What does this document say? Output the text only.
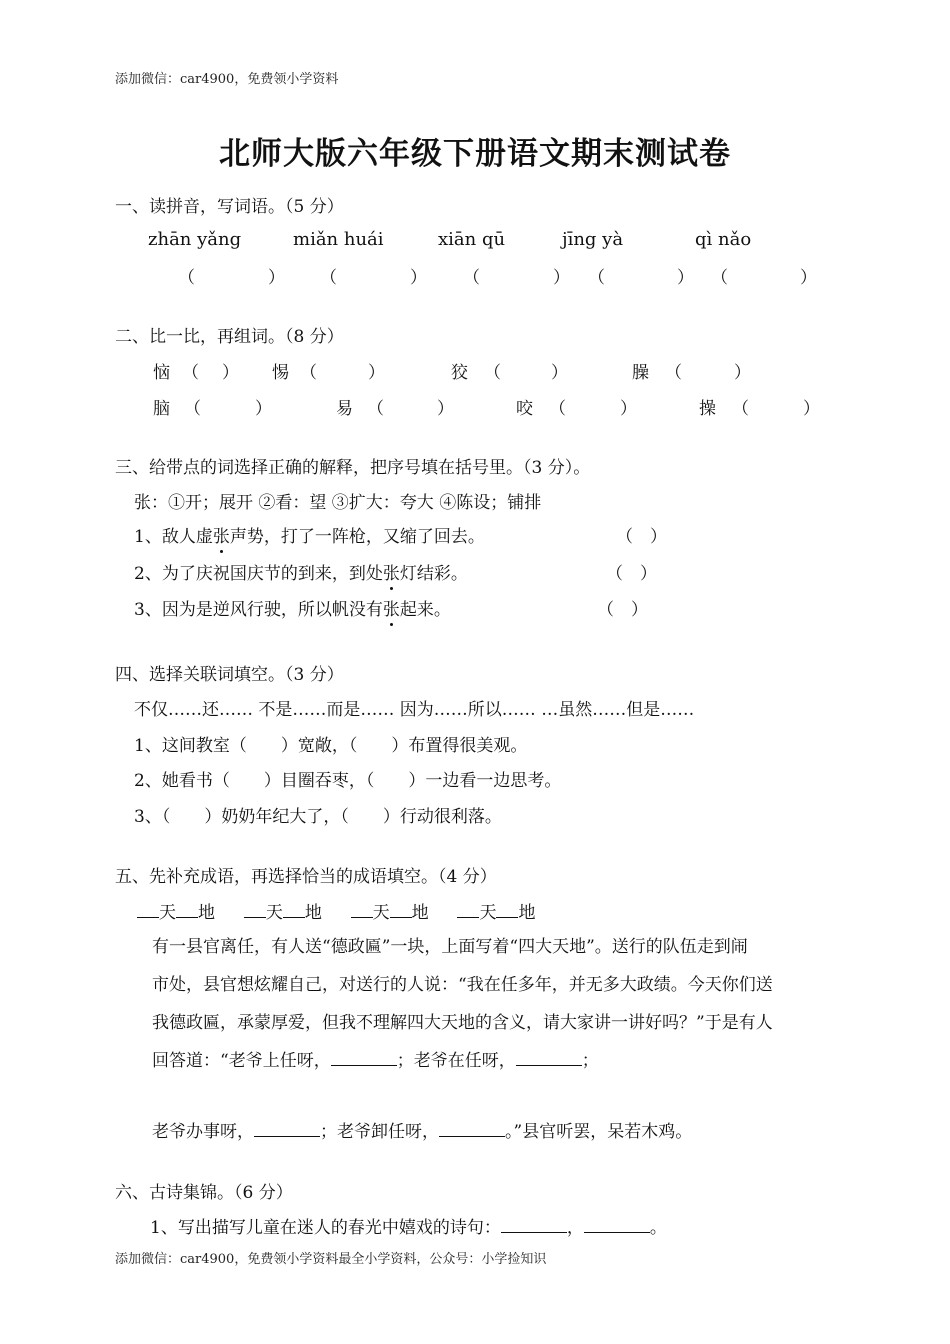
添加微信：car4900，免费领小学资料
北师大版六年级下册语文期末测试卷
一、读拼音，写词语。（5 分）
zhān yǎng	miǎn huái	xiān qū	jīng yà	qì nǎo
（	） （	） （	） （	） （	）
二、比一比，再组词。（8 分）
恼 （ ） 惕 （	）	狡 （	）	臊 （	）
脑 （	）	易 （	）	咬 （	）	操 （	）
三、给带点的词选择正确的解释，把序号填在括号里。（3 分）。
张：①开；展开 ②看：望 ③扩大：夸大 ④陈设；铺排
1、敌人虚张声势，打了一阵枪，又缩了回去。	（　）
2、为了庆祝国庆节的到来，到处张灯结彩。	（　）
3、因为是逆风行驶，所以帆没有张起来。	（　）
四、选择关联词填空。（3 分）
不仅……还…… 不是……而是…… 因为……所以…… …虽然……但是……
1、这间教室（　　）宽敞，（　　）布置得很美观。
2、她看书（　　）目圈吞枣，（　　）一边看一边思考。
3、（　　）奶奶年纪大了，（　　）行动很利落。
五、先补充成语，再选择恰当的成语填空。（4 分）
天 地	天 地	天 地	天 地
有一县官离任，有人送“德政匾”一块，上面写着“四大天地”。送行的队伍走到闹
市处，县官想炫耀自己，对送行的人说：“我在任多年，并无多大政绩。今天你们送
我德政匾，承蒙厚爱，但我不理解四大天地的含义，请大家讲一讲好吗？”于是有人
回答道：“老爷上任呀，	；老爷在任呀，	；
老爷办事呀，	；老爷卸任呀，	。”县官听罢，呆若木鸡。
六、古诗集锦。（6 分）
1、写出描写儿童在迷人的春光中嬉戏的诗句：	，	。
添加微信：car4900，免费领小学资料最全小学资料，公众号：小学捡知识
